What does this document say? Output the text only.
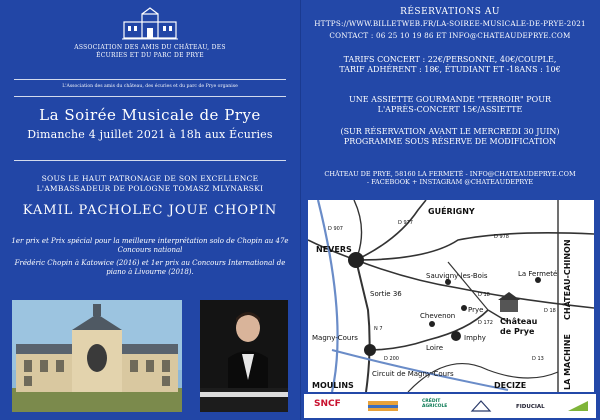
ASSOCIATION DES AMIS DU CHÂTEAU, DES ÉCURIES ET DU PARC DE PRYE
L'Association des amis du château, des écuries et du parc de Prye organise
La Soirée Musicale de Prye
Dimanche 4 juillet 2021 à 18h aux Écuries
SOUS LE HAUT PATRONAGE DE SON EXCELLENCE
L'AMBASSADEUR DE POLOGNE TOMASZ MLYNARSKI
KAMIL PACHOLEC JOUE CHOPIN
1er prix et Prix spécial pour la meilleure interprétation solo de Chopin au 47e Concours national
Frédéric Chopin à Katowice (2016) et 1er prix au Concours International de piano à Livourne (2018).
RÉSERVATIONS AU
HTTPS://WWW.BILLETWEB.FR/LA-SOIREE-MUSICALE-DE-PRYE-2021
CONTACT : 06 25 10 19 86 ET INFO@CHATEAUDEPRYE.COM
TARIFS CONCERT : 22€/PERSONNE, 40€/COUPLE,
TARIF ADHÉRENT : 18€, ÉTUDIANT ET -18ANS : 10€
UNE ASSIETTE GOURMANDE "TERROIR" POUR
L'APRÈS-CONCERT 15€/ASSIETTE
(SUR RÉSERVATION AVANT LE MERCREDI 30 JUIN)
PROGRAMME SOUS RÉSERVE DE MODIFICATION
CHÂTEAU DE PRYE, 58160 LA FERMETÉ - INFO@CHATEAUDEPRYE.COM
- FACEBOOK + INSTAGRAM @CHATEAUDEPRYE
NEVERS
GUÉRIGNY
Sauvigny-les-Bois	La Fermeté
Château
de Prye
Prye
Chevenon
Imphy
Magny-Cours
Circuit de Magny-Cours
MOULINS	DECIZE
Loire
Sortie 36	CHÂTEAU-CHINON
LA MACHINE
D 977
D 978
D 907
D 18
D 18
D 172
D 200	D 13
N 7
SNCF	CRÉDIT AGRICOLE	FIDUCIAL
